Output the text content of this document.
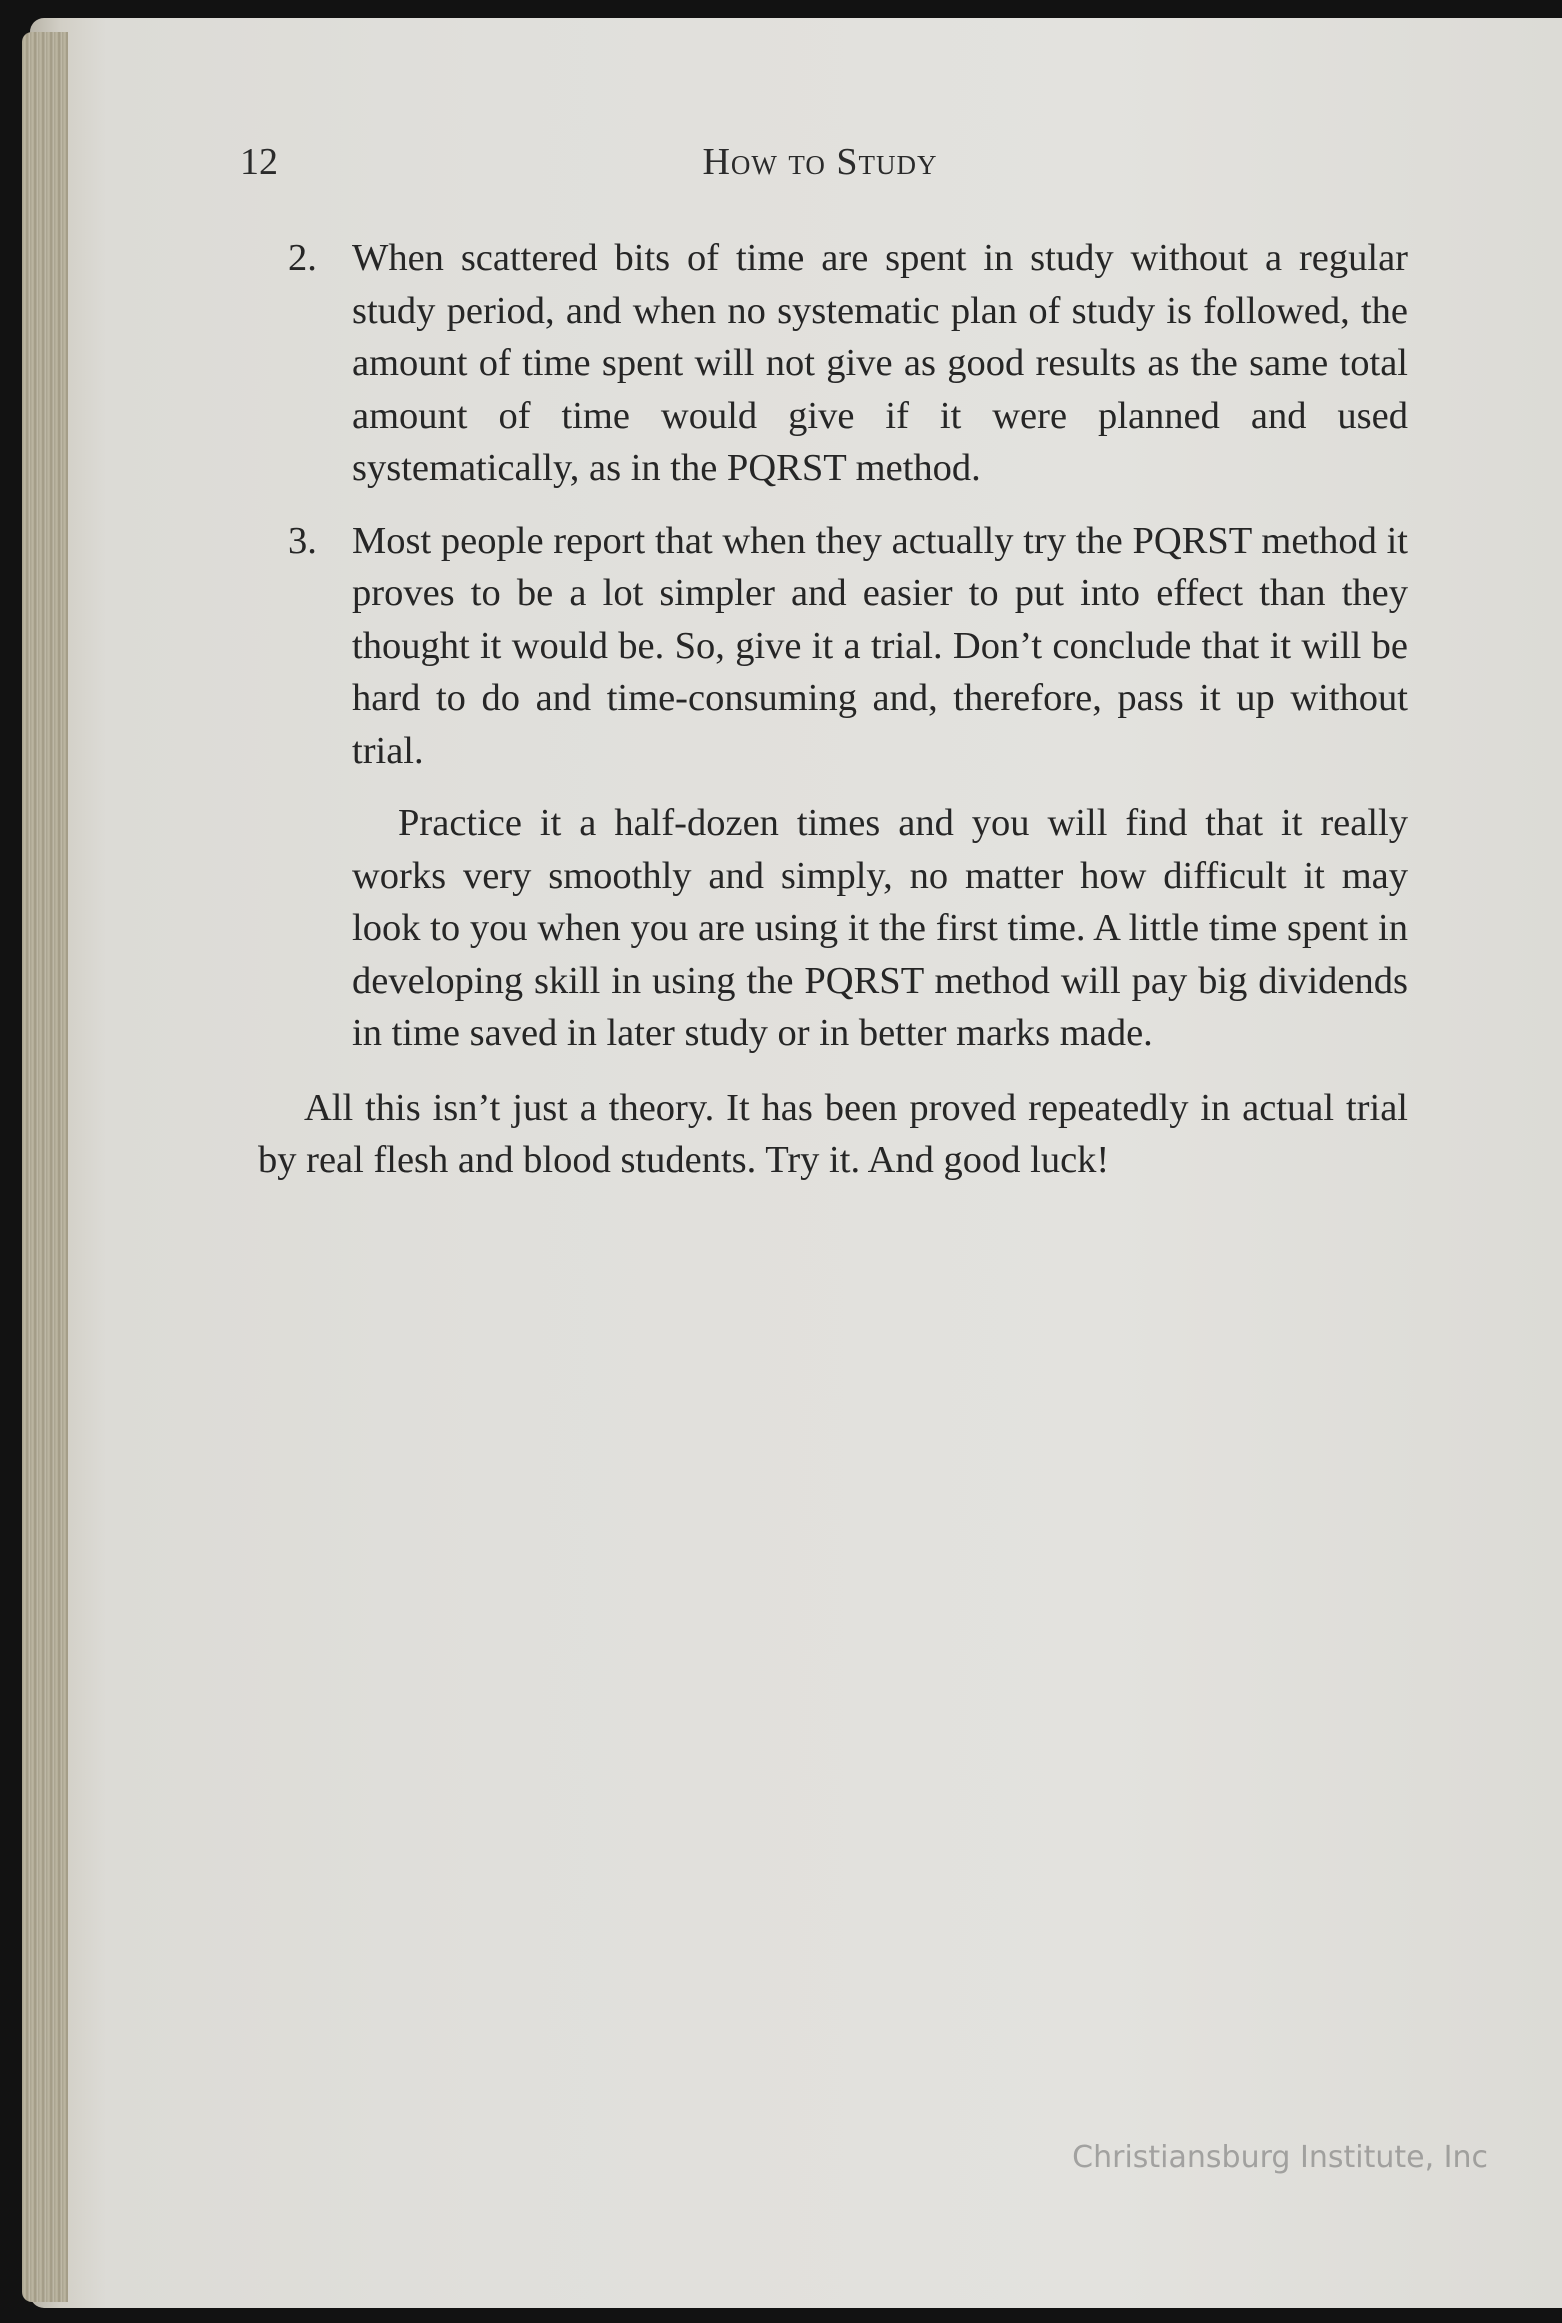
12	How to Study
2. When scattered bits of time are spent in study without a regular study period, and when no systematic plan of study is followed, the amount of time spent will not give as good results as the same total amount of time would give if it were planned and used systematically, as in the PQRST method.

3. Most people report that when they actually try the PQRST method it proves to be a lot simpler and easier to put into effect than they thought it would be. So, give it a trial. Don’t conclude that it will be hard to do and time-consuming and, therefore, pass it up without trial.

Practice it a half-dozen times and you will find that it really works very smoothly and simply, no matter how difficult it may look to you when you are using it the first time. A little time spent in developing skill in using the PQRST method will pay big dividends in time saved in later study or in better marks made.

All this isn’t just a theory. It has been proved repeatedly in actual trial by real flesh and blood students. Try it. And good luck!

Christiansburg Institute, Inc
